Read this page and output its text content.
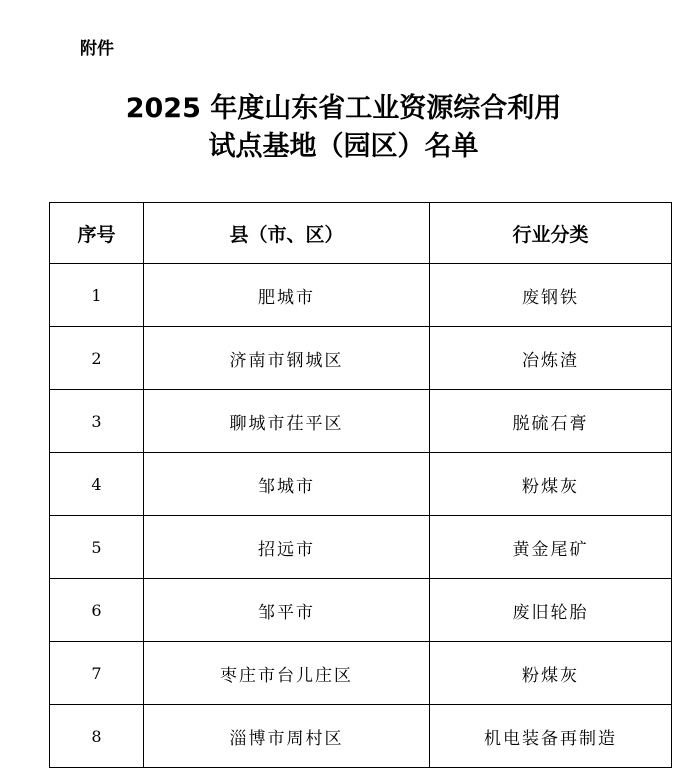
附件
2025 年度山东省工业资源综合利用
试点基地（园区）名单
序号	县（市、区）	行业分类
1	肥城市	废钢铁
2	济南市钢城区	冶炼渣
3	聊城市茌平区	脱硫石膏
4	邹城市	粉煤灰
5	招远市	黄金尾矿
6	邹平市	废旧轮胎
7	枣庄市台儿庄区	粉煤灰
8	淄博市周村区	机电装备再制造
